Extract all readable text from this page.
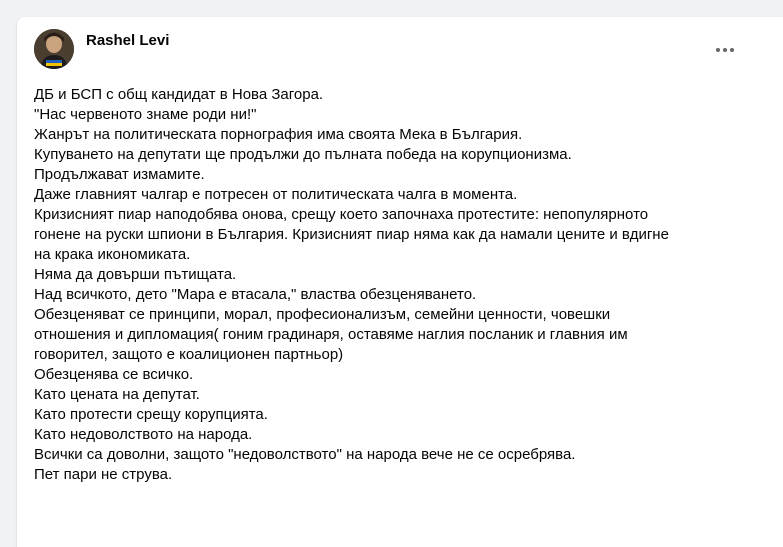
Rashel Levi
ДБ и БСП с общ кандидат в Нова Загора.
"Нас червеното знаме роди ни!"
Жанрът на политическата порнография има своята Мека в България.
Купуването на депутати ще продължи до пълната победа на корупционизма.
Продължават измамите.
Даже главният чалгар е потресен от политическата чалга в момента.
Кризисният пиар наподобява онова, срещу което започнаха протестите: непопулярното
гонене на руски шпиони в България. Кризисният пиар няма как да намали цените и вдигне
на крака икономиката.
Няма да довърши пътищата.
Над всичкото, дето "Мара е втасала," властва обезценяването.
Обезценяват се принципи, морал, професионализъм, семейни ценности, човешки
отношения и дипломация( гоним градинаря, оставяме наглия посланик и главния им
говорител, защото е коалиционен партньор)
Обезценява се всичко.
Като цената на депутат.
Като протести срещу корупцията.
Като недоволството на народа.
Всички са доволни, защото "недоволството" на народа вече не се осребрява.
Пет пари не струва.
